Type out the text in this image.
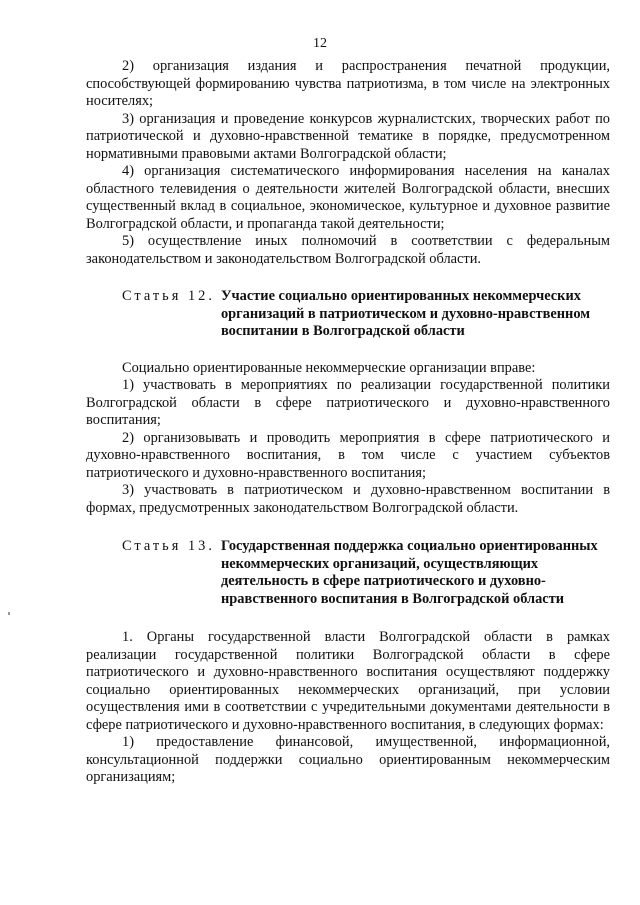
12

2) организация издания и распространения печатной продукции, способствующей формированию чувства патриотизма, в том числе на электронных носителях;

3) организация и проведение конкурсов журналистских, творческих работ по патриотической и духовно-нравственной тематике в порядке, предусмотренном нормативными правовыми актами Волгоградской области;

4) организация систематического информирования населения на каналах областного телевидения о деятельности жителей Волгоградской области, внесших существенный вклад в социальное, экономическое, культурное и духовное развитие Волгоградской области, и пропаганда такой деятельности;

5) осуществление иных полномочий в соответствии с федеральным законодательством и законодательством Волгоградской области.

Статья 12. Участие социально ориентированных некоммерческих организаций в патриотическом и духовно-нравственном воспитании в Волгоградской области

Социально ориентированные некоммерческие организации вправе:

1) участвовать в мероприятиях по реализации государственной политики Волгоградской области в сфере патриотического и духовно-нравственного воспитания;

2) организовывать и проводить мероприятия в сфере патриотического и духовно-нравственного воспитания, в том числе с участием субъектов патриотического и духовно-нравственного воспитания;

3) участвовать в патриотическом и духовно-нравственном воспитании в формах, предусмотренных законодательством Волгоградской области.

Статья 13. Государственная поддержка социально ориентированных некоммерческих организаций, осуществляющих деятельность в сфере патриотического и духовно-нравственного воспитания в Волгоградской области

1. Органы государственной власти Волгоградской области в рамках реализации государственной политики Волгоградской области в сфере патриотического и духовно-нравственного воспитания осуществляют поддержку социально ориентированных некоммерческих организаций, при условии осуществления ими в соответствии с учредительными документами деятельности в сфере патриотического и духовно-нравственного воспитания, в следующих формах:

1) предоставление финансовой, имущественной, информационной, консультационной поддержки социально ориентированным некоммерческим организациям;
